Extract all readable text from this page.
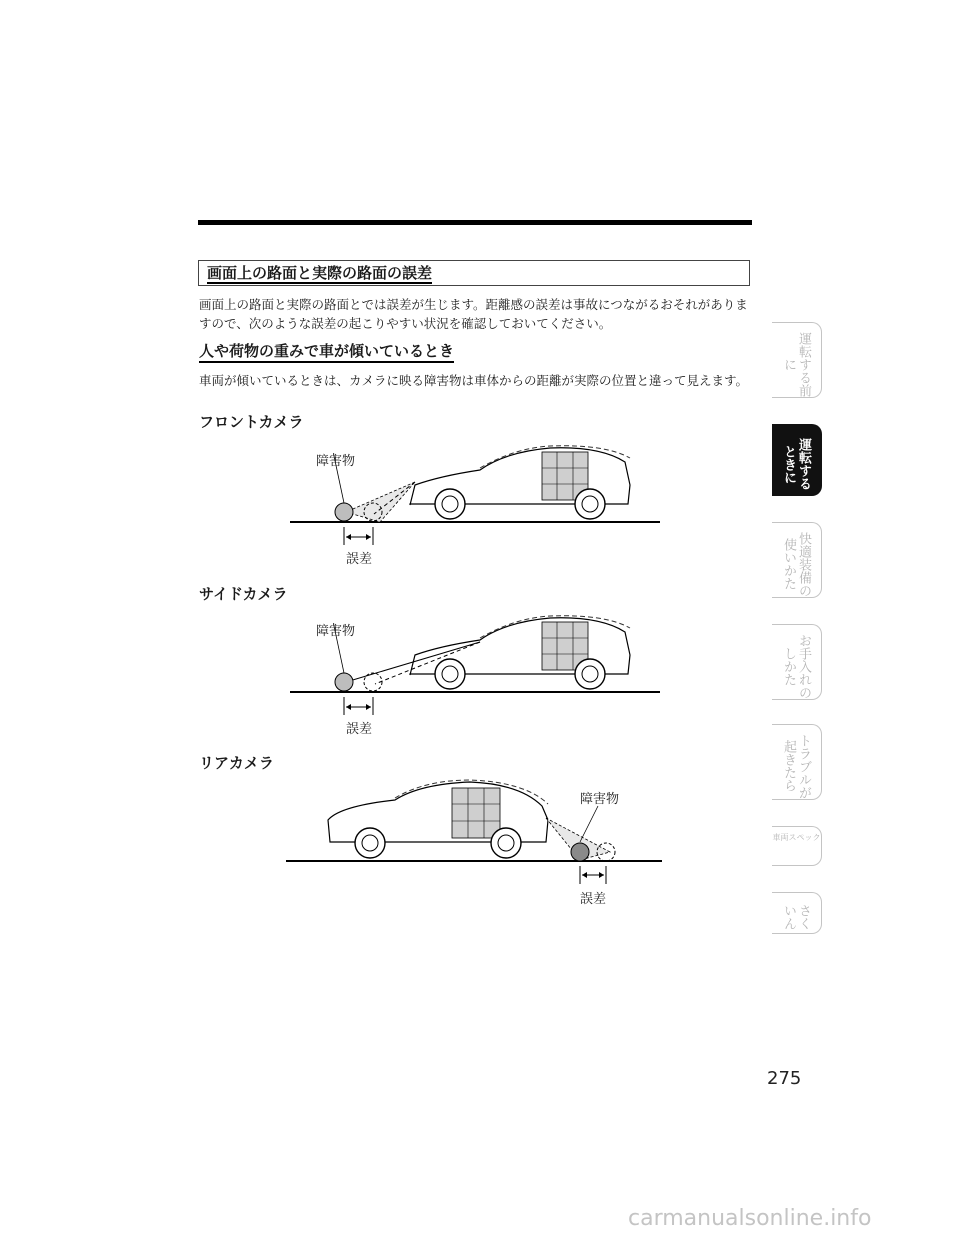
画面上の路面と実際の路面の誤差
画面上の路面と実際の路面とでは誤差が生じます。距離感の誤差は事故につながるおそれがありますので、次のような誤差の起こりやすい状況を確認しておいてください。
人や荷物の重みで車が傾いているとき
車両が傾いているときは、カメラに映る障害物は車体からの距離が実際の位置と違って見えます。
フロントカメラ
障害物
誤差
サイドカメラ
障害物
誤差
リアカメラ
障害物
誤差
運転する前に
運転するときに
快適装備の使いかた
お手入れのしかた
トラブルが起きたら
車両スペック
さくいん
275
carmanualsonline.info
